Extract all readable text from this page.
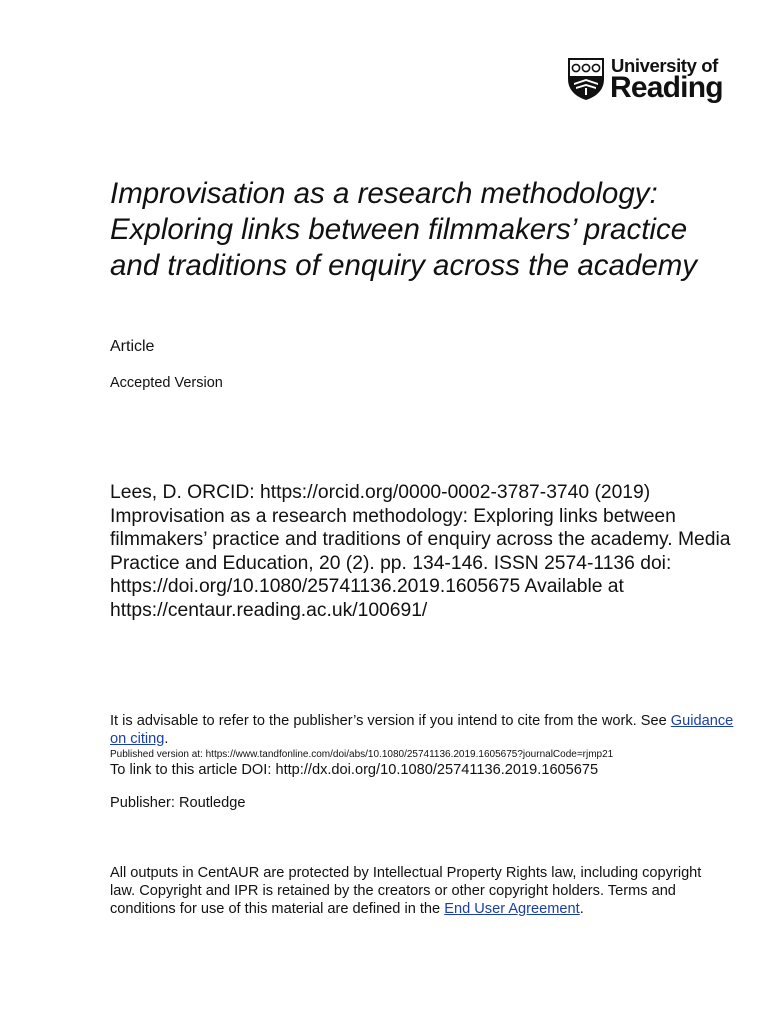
University of
Reading
Improvisation as a research methodology: Exploring links between filmmakers’ practice and traditions of enquiry across the academy
Article
Accepted Version
Lees, D. ORCID: https://orcid.org/0000-0002-3787-3740 (2019) Improvisation as a research methodology: Exploring links between filmmakers’ practice and traditions of enquiry across the academy. Media Practice and Education, 20 (2). pp. 134-146. ISSN 2574-1136 doi: https://doi.org/10.1080/25741136.2019.1605675 Available at https://centaur.reading.ac.uk/100691/
It is advisable to refer to the publisher’s version if you intend to cite from the work. See Guidance on citing.
Published version at: https://www.tandfonline.com/doi/abs/10.1080/25741136.2019.1605675?journalCode=rjmp21
To link to this article DOI: http://dx.doi.org/10.1080/25741136.2019.1605675
Publisher: Routledge
All outputs in CentAUR are protected by Intellectual Property Rights law, including copyright law. Copyright and IPR is retained by the creators or other copyright holders. Terms and conditions for use of this material are defined in the End User Agreement.
